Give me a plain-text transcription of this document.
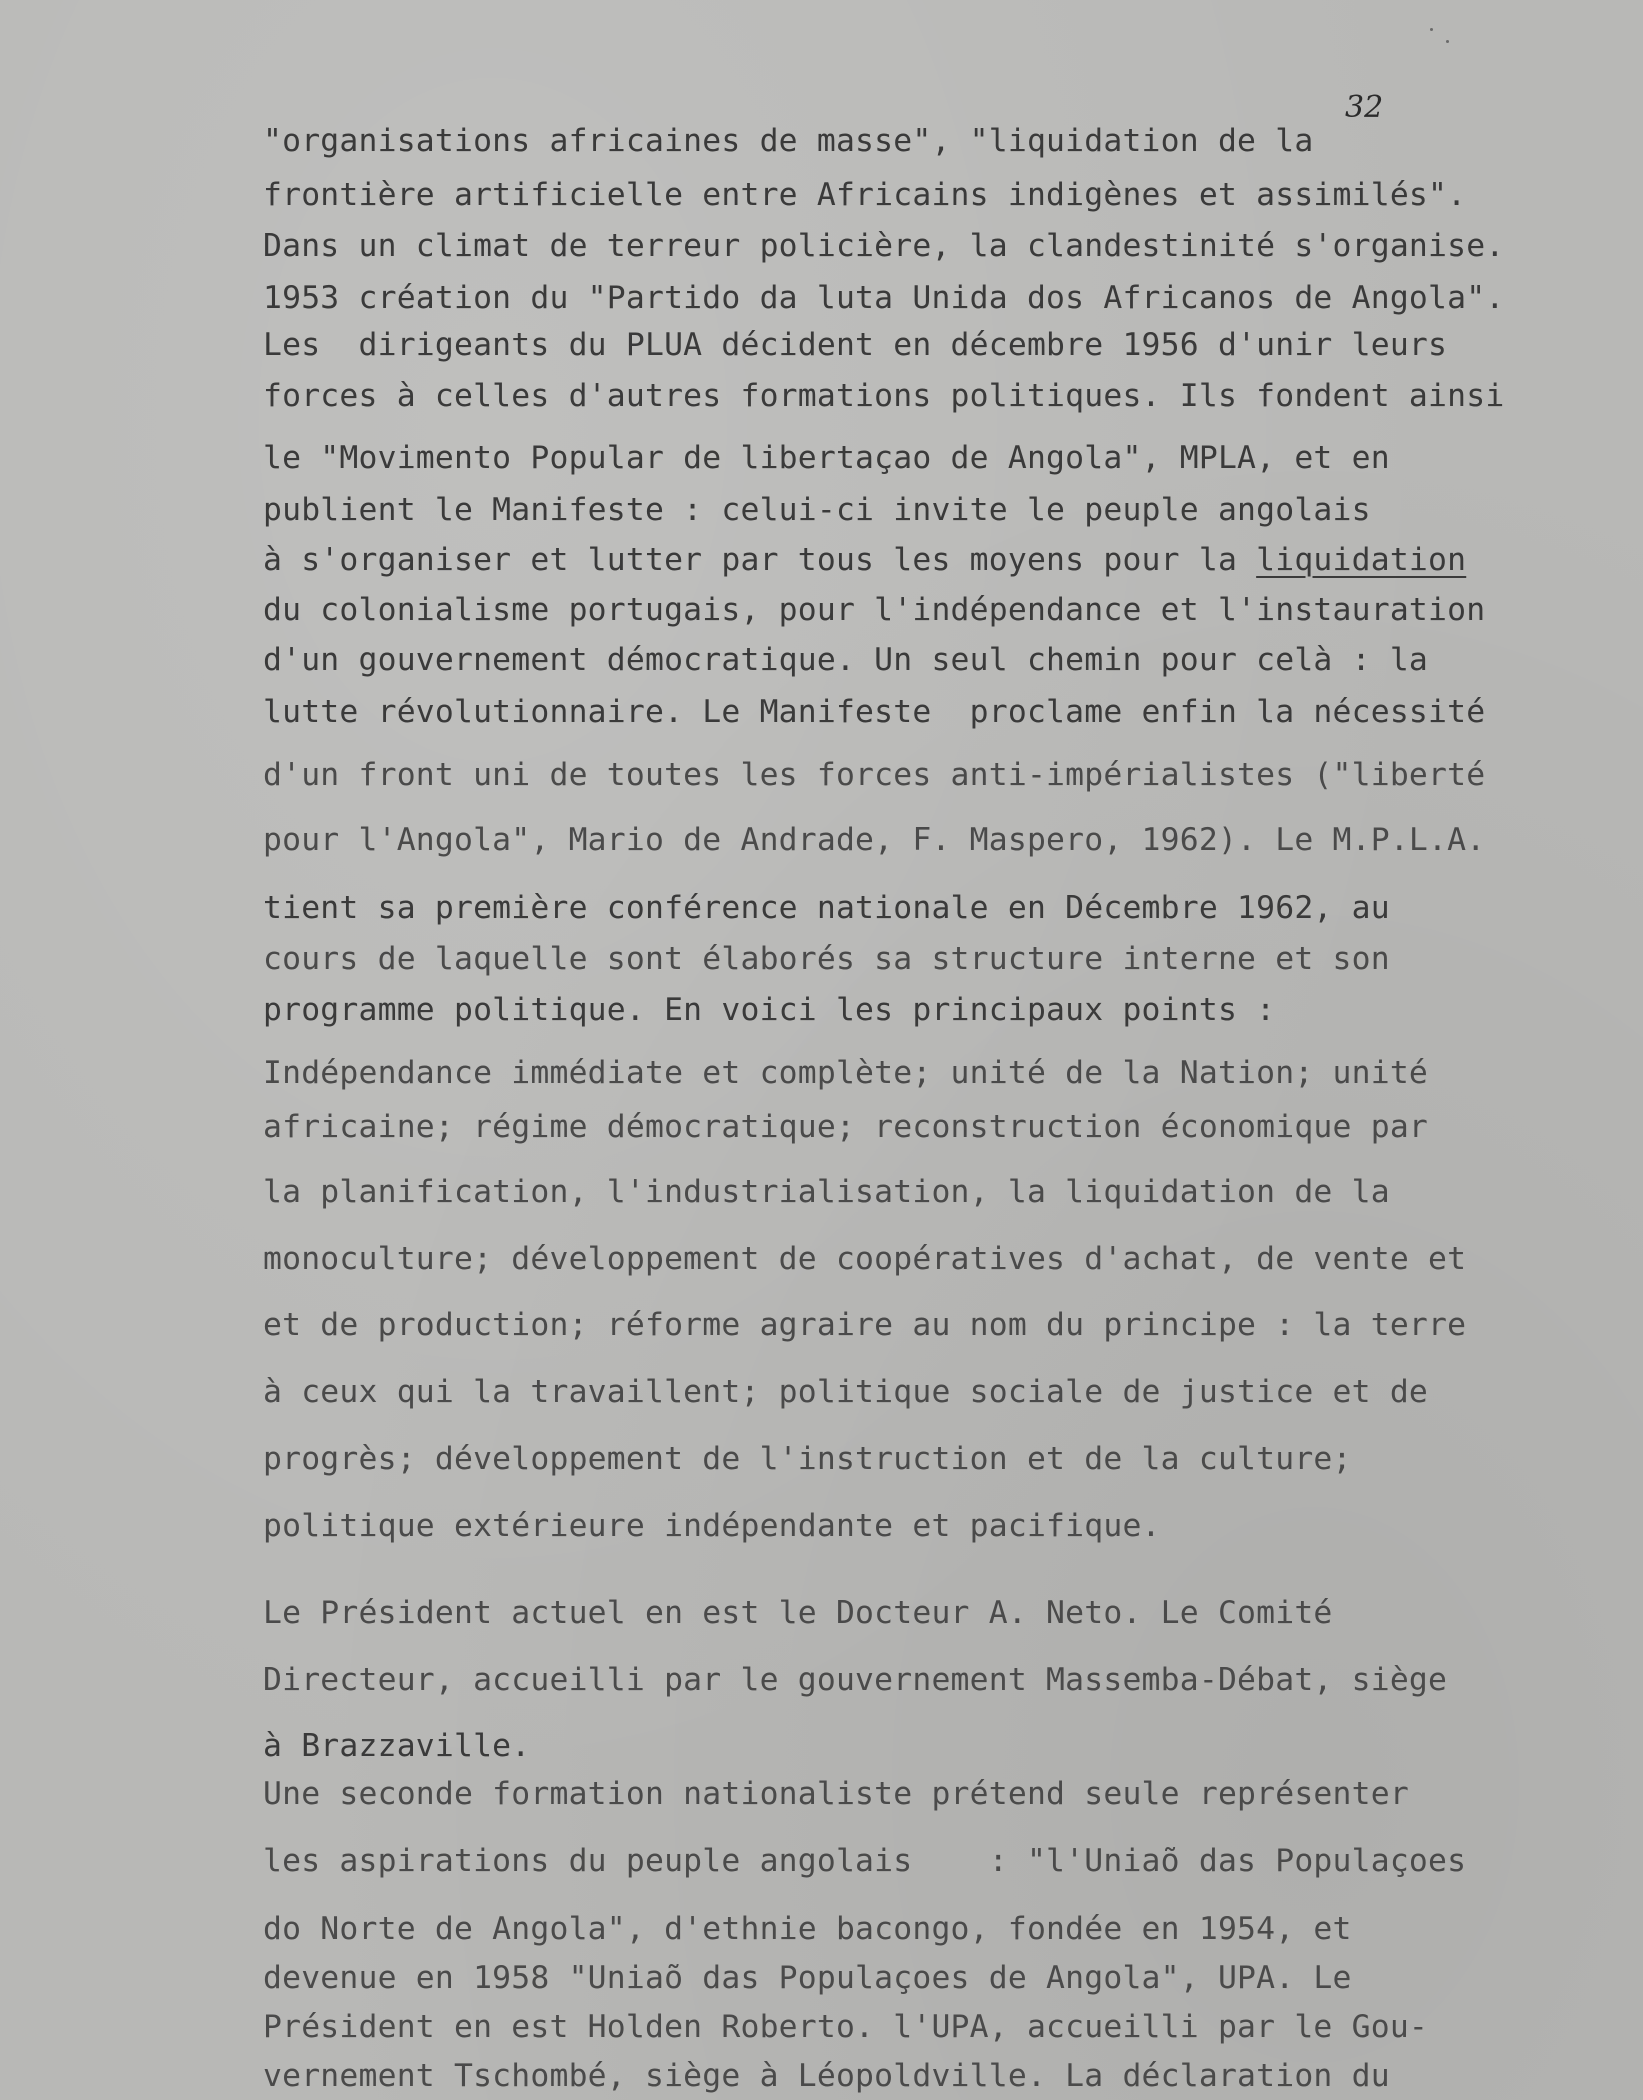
32
"organisations africaines de masse", "liquidation de la
frontière artificielle entre Africains indigènes et assimilés".
Dans un climat de terreur policière, la clandestinité s'organise.
1953 création du "Partido da luta Unida dos Africanos de Angola".
Les  dirigeants du PLUA décident en décembre 1956 d'unir leurs
forces à celles d'autres formations politiques. Ils fondent ainsi
le "Movimento Popular de libertaçao de Angola", MPLA, et en
publient le Manifeste : celui-ci invite le peuple angolais
à s'organiser et lutter par tous les moyens pour la liquidation
du colonialisme portugais, pour l'indépendance et l'instauration
d'un gouvernement démocratique. Un seul chemin pour celà : la
lutte révolutionnaire. Le Manifeste  proclame enfin la nécessité
d'un front uni de toutes les forces anti-impérialistes ("liberté
pour l'Angola", Mario de Andrade, F. Maspero, 1962). Le M.P.L.A.
tient sa première conférence nationale en Décembre 1962, au
cours de laquelle sont élaborés sa structure interne et son
programme politique. En voici les principaux points :
Indépendance immédiate et complète; unité de la Nation; unité
africaine; régime démocratique; reconstruction économique par
la planification, l'industrialisation, la liquidation de la
monoculture; développement de coopératives d'achat, de vente et
et de production; réforme agraire au nom du principe : la terre
à ceux qui la travaillent; politique sociale de justice et de
progrès; développement de l'instruction et de la culture;
politique extérieure indépendante et pacifique.
Le Président actuel en est le Docteur A. Neto. Le Comité
Directeur, accueilli par le gouvernement Massemba-Débat, siège
à Brazzaville.
Une seconde formation nationaliste prétend seule représenter
les aspirations du peuple angolais    : "l'Uniaõ das Populaçoes
do Norte de Angola", d'ethnie bacongo, fondée en 1954, et
devenue en 1958 "Uniaõ das Populaçoes de Angola", UPA. Le
Président en est Holden Roberto. l'UPA, accueilli par le Gou-
vernement Tschombé, siège à Léopoldville. La déclaration du
